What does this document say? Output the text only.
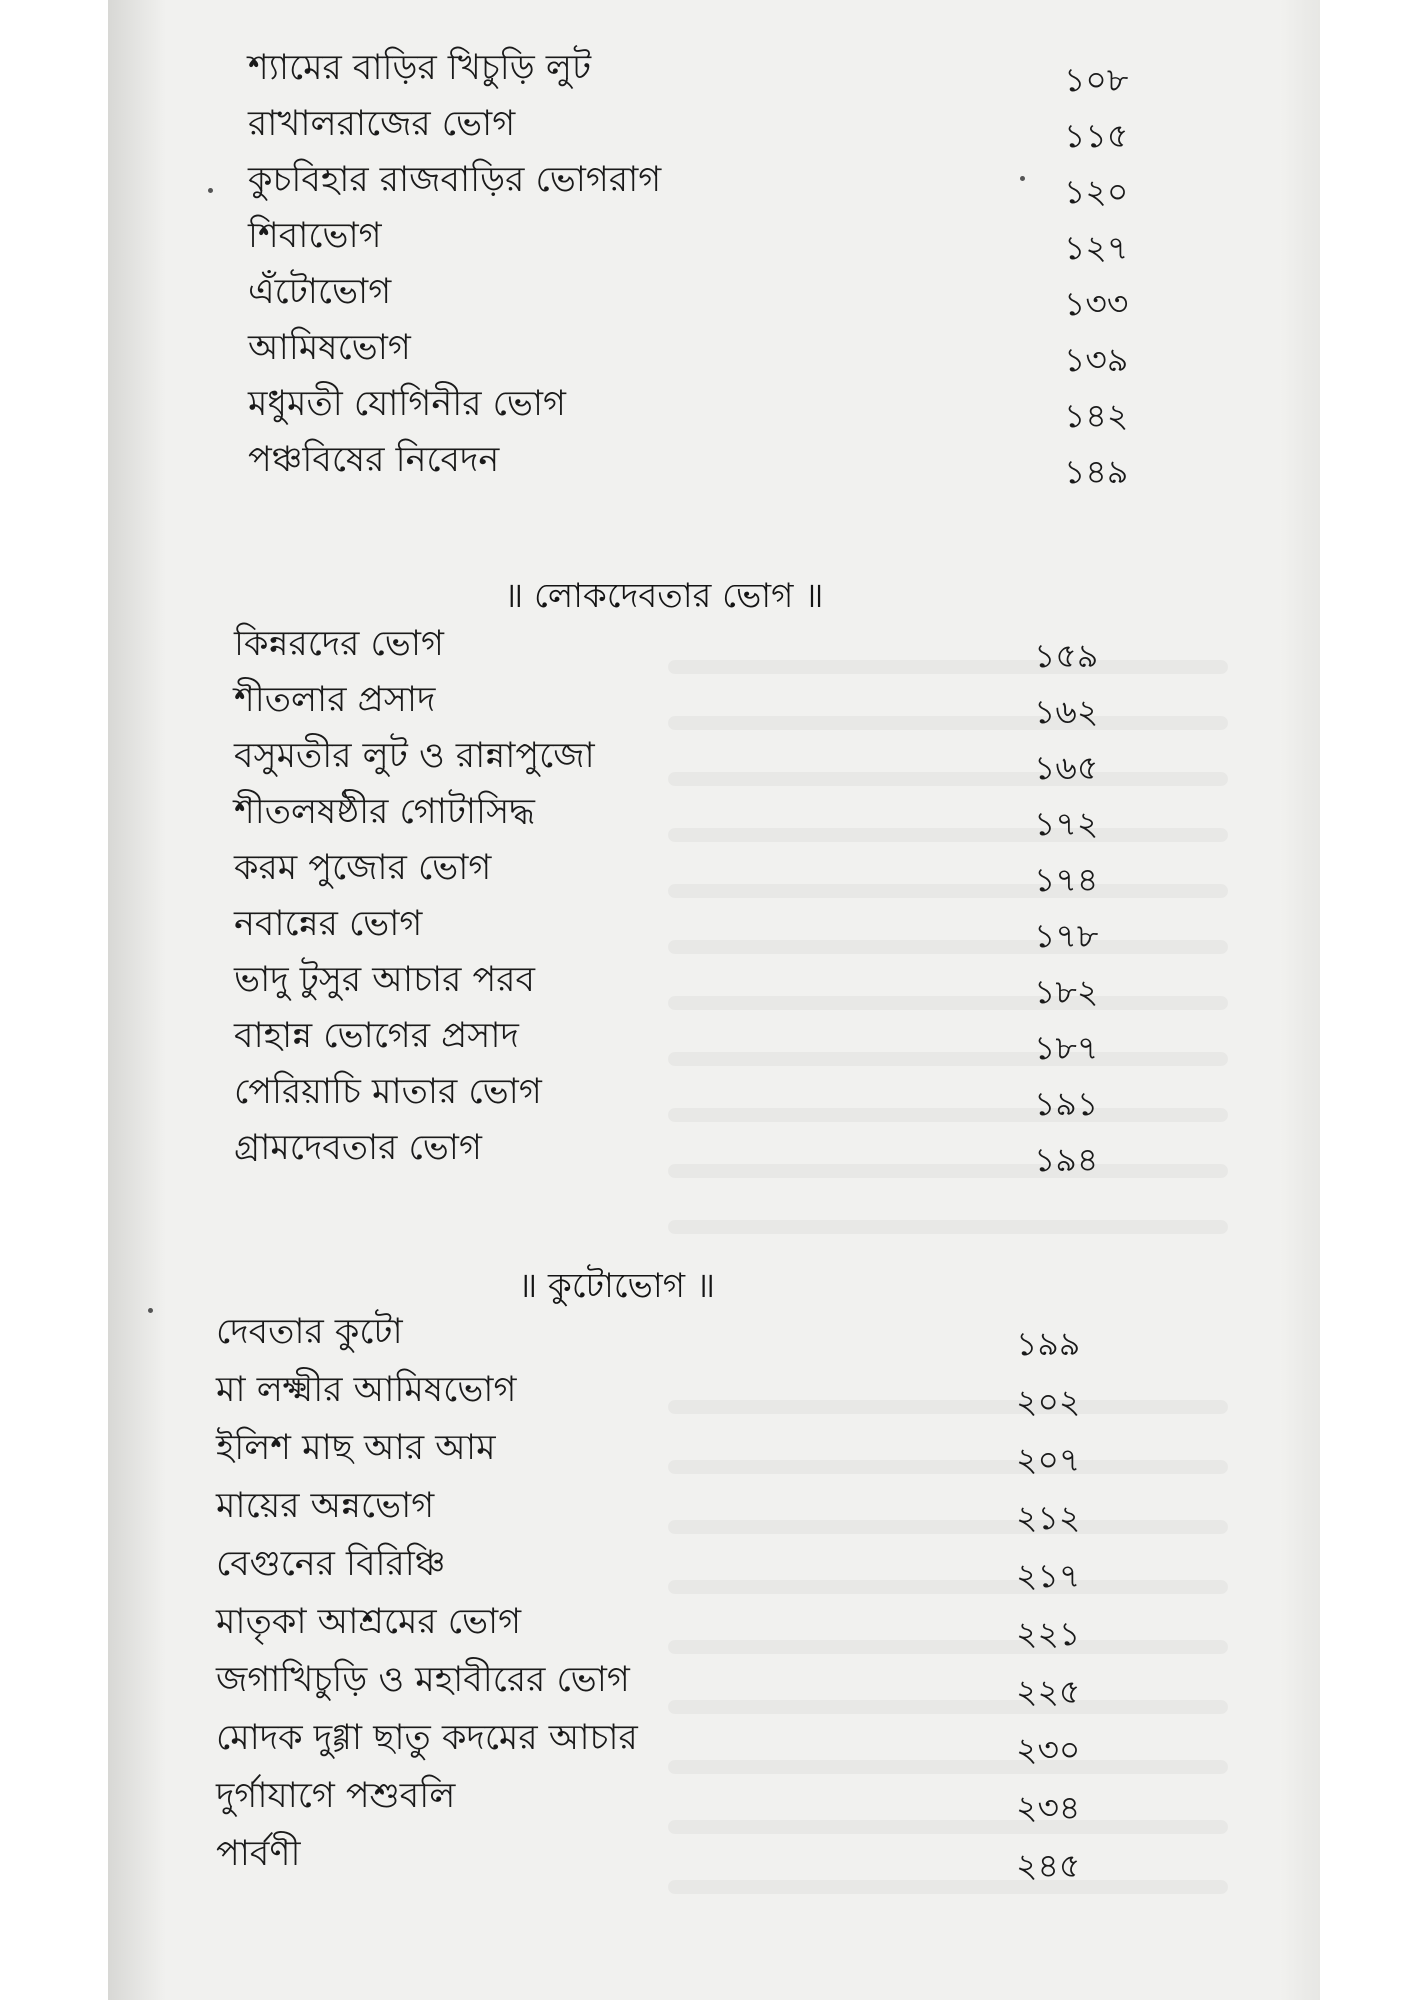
শ্যামের বাড়ির খিচুড়ি লুট	১০৮
রাখালরাজের ভোগ	১১৫
কুচবিহার রাজবাড়ির ভোগরাগ	১২০
শিবাভোগ	১২৭
এঁটোভোগ	১৩৩
আমিষভোগ	১৩৯
মধুমতী যোগিনীর ভোগ	১৪২
পঞ্চবিষের নিবেদন	১৪৯
॥ লোকদেবতার ভোগ ॥
কিন্নরদের ভোগ	১৫৯
শীতলার প্রসাদ	১৬২
বসুমতীর লুট ও রান্নাপুজো	১৬৫
শীতলষষ্ঠীর গোটাসিদ্ধ	১৭২
করম পুজোর ভোগ	১৭৪
নবান্নের ভোগ	১৭৮
ভাদু টুসুর আচার পরব	১৮২
বাহান্ন ভোগের প্রসাদ	১৮৭
পেরিয়াচি মাতার ভোগ	১৯১
গ্রামদেবতার ভোগ	১৯৪
॥ কুটোভোগ ॥
দেবতার কুটো	১৯৯
মা লক্ষ্মীর আমিষভোগ	২০২
ইলিশ মাছ আর আম	২০৭
মায়ের অন্নভোগ	২১২
বেগুনের বিরিঞ্চি	২১৭
মাতৃকা আশ্রমের ভোগ	২২১
জগাখিচুড়ি ও মহাবীরের ভোগ	২২৫
মোদক দুগ্গা ছাতু কদমের আচার	২৩০
দুর্গাযাগে পশুবলি	২৩৪
পার্বণী	২৪৫
